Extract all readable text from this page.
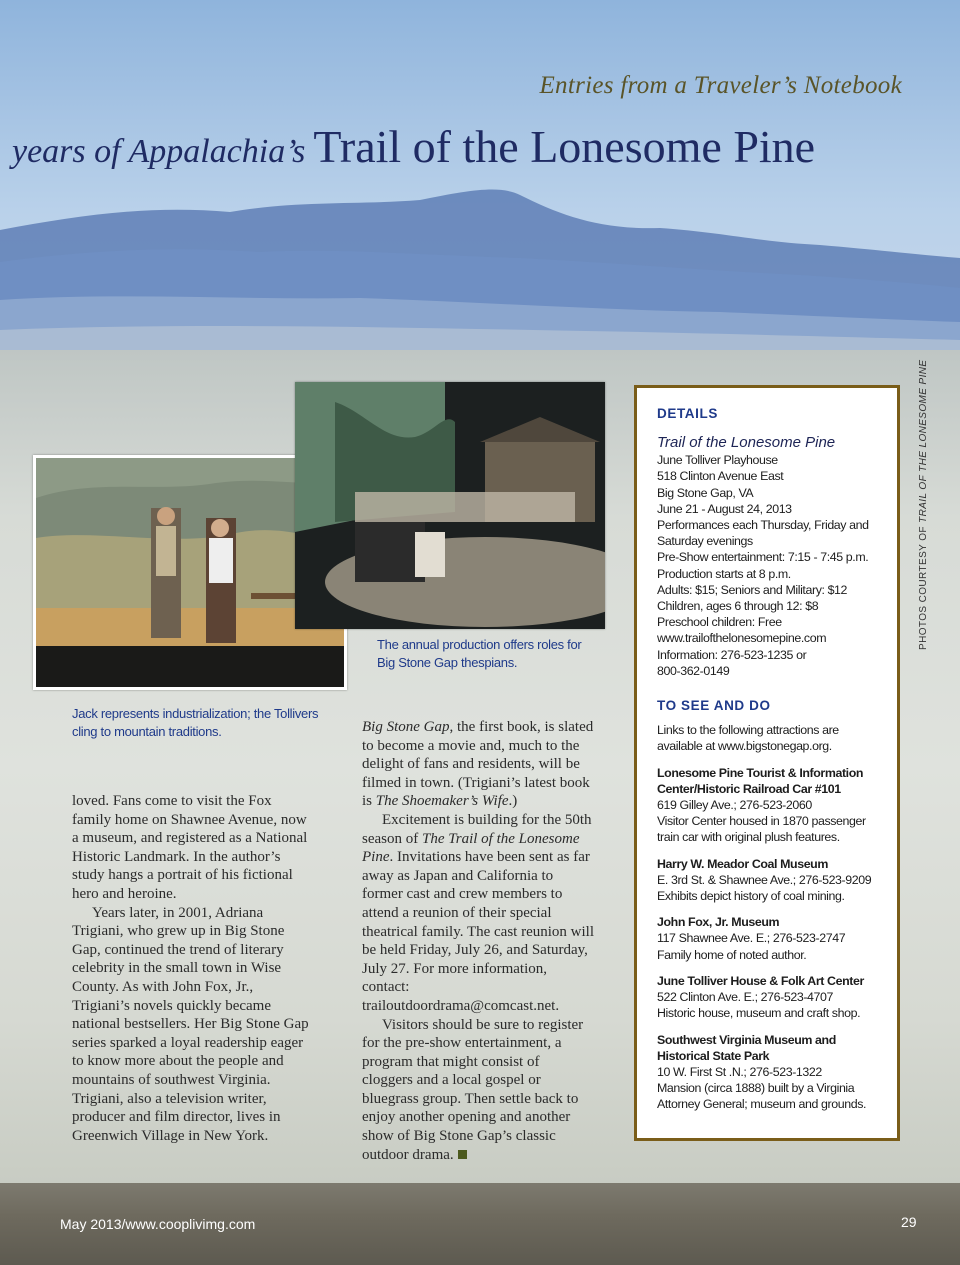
Entries from a Traveler’s Notebook
years of Appalachia’s Trail of the Lonesome Pine
Jack represents industrialization; the Tollivers cling to mountain traditions.
The annual production offers roles for Big Stone Gap thespians.

loved. Fans come to visit the Fox family home on Shawnee Avenue, now a museum, and registered as a National Historic Landmark. In the author’s study hangs a portrait of his fictional hero and heroine.

Years later, in 2001, Adriana Trigiani, who grew up in Big Stone Gap, continued the trend of literary celebrity in the small town in Wise County. As with John Fox, Jr., Trigiani’s novels quickly became national bestsellers. Her Big Stone Gap series sparked a loyal readership eager to know more about the people and mountains of southwest Virginia. Trigiani, also a television writer, producer and film director, lives in Greenwich Village in New York.

Big Stone Gap, the first book, is slated to become a movie and, much to the delight of fans and residents, will be filmed in town. (Trigiani’s latest book is The Shoemaker’s Wife.)

Excitement is building for the 50th season of The Trail of the Lonesome Pine. Invitations have been sent as far away as Japan and California to former cast and crew members to attend a reunion of their special theatrical family. The cast reunion will be held Friday, July 26, and Saturday, July 27. For more information, contact: trailoutdoordrama@comcast.net.

Visitors should be sure to register for the pre-show entertainment, a program that might consist of cloggers and a local gospel or bluegrass group. Then settle back to enjoy another opening and another show of Big Stone Gap’s classic outdoor drama.

DETAILS
Trail of the Lonesome Pine
June Tolliver Playhouse
518 Clinton Avenue East
Big Stone Gap, VA
June 21 - August 24, 2013
Performances each Thursday, Friday and
Saturday evenings
Pre-Show entertainment: 7:15 - 7:45 p.m.
Production starts at 8 p.m.
Adults: $15; Seniors and Military: $12
Children, ages 6 through 12: $8
Preschool children: Free
www.trailofthelonesomepine.com
Information: 276-523-1235 or
800-362-0149
TO SEE AND DO
Links to the following attractions are available at www.bigstonegap.org.
Lonesome Pine Tourist & Information Center/Historic Railroad Car #101
619 Gilley Ave.; 276-523-2060
Visitor Center housed in 1870 passenger train car with original plush features.
Harry W. Meador Coal Museum
E. 3rd St. & Shawnee Ave.; 276-523-9209
Exhibits depict history of coal mining.
John Fox, Jr. Museum
117 Shawnee Ave. E.; 276-523-2747
Family home of noted author.
June Tolliver House & Folk Art Center
522 Clinton Ave. E.; 276-523-4707
Historic house, museum and craft shop.
Southwest Virginia Museum and Historical State Park
10 W. First St .N.; 276-523-1322
Mansion (circa 1888) built by a Virginia Attorney General; museum and grounds.
PHOTOS COURTESY OF TRAIL OF THE LONESOME PINE
May 2013/www.cooplivimg.com	29
